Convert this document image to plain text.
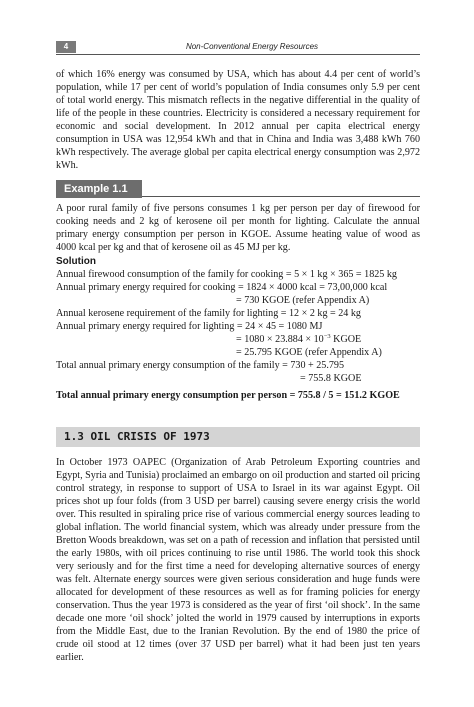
4	Non-Conventional Energy Resources

of which 16% energy was consumed by USA, which has about 4.4 per cent of world’s population, while 17 per cent of world’s population of India consumes only 5.9 per cent of total world energy. This mismatch reflects in the negative differential in the quality of life of the people in these countries. Electricity is considered a necessary requirement for economic and social development. In 2012 annual per capita electrical energy consumption in USA was 12,954 kWh and that in China and India was 3,488 kWh 760 kWh respectively. The average global per capita electrical energy consumption was 2,972 kWh.

Example 1.1

A poor rural family of five persons consumes 1 kg per person per day of firewood for cooking needs and 2 kg of kerosene oil per month for lighting. Calculate the annual primary energy consumption per person in KGOE. Assume heating value of wood as 4000 kcal per kg and that of kerosene oil as 45 MJ per kg.

Solution
Annual firewood consumption of the family for cooking = 5 × 1 kg × 365 = 1825 kg
Annual primary energy required for cooking = 1824 × 4000 kcal = 73,00,000 kcal
= 730 KGOE (refer Appendix A)
Annual kerosene requirement of the family for lighting = 12 × 2 kg = 24 kg
Annual primary energy required for lighting = 24 × 45 = 1080 MJ
= $1080 \times 23.884 \times 10^{-3}$ KGOE
= 25.795 KGOE (refer Appendix A)
Total annual primary energy consumption of the family = 730 + 25.795
= 755.8 KGOE
Total annual primary energy consumption per person = 755.8 / 5 = 151.2 KGOE
1.3 OIL CRISIS OF 1973

In October 1973 OAPEC (Organization of Arab Petroleum Exporting countries and Egypt, Syria and Tunisia) proclaimed an embargo on oil production and started oil pricing control strategy, in response to support of USA to Israel in its war against Egypt. Oil prices shot up four folds (from 3 USD per barrel) causing severe energy crisis the world over. This resulted in spiraling price rise of various commercial energy sources leading to global inflation. The world financial system, which was already under pressure from the Bretton Woods breakdown, was set on a path of recession and inflation that persisted until the early 1980s, with oil prices continuing to rise until 1986. The world took this shock very seriously and for the first time a need for developing alternative sources of energy was felt. Alternate energy sources were given serious consideration and huge funds were allocated for development of these resources as well as for framing policies for energy conservation. Thus the year 1973 is considered as the year of first ‘oil shock’. In the same decade one more ‘oil shock’ jolted the world in 1979 caused by interruptions in exports from the Middle East, due to the Iranian Revolution. By the end of 1980 the price of crude oil stood at 12 times (over 37 USD per barrel) what it had been just ten years earlier.
